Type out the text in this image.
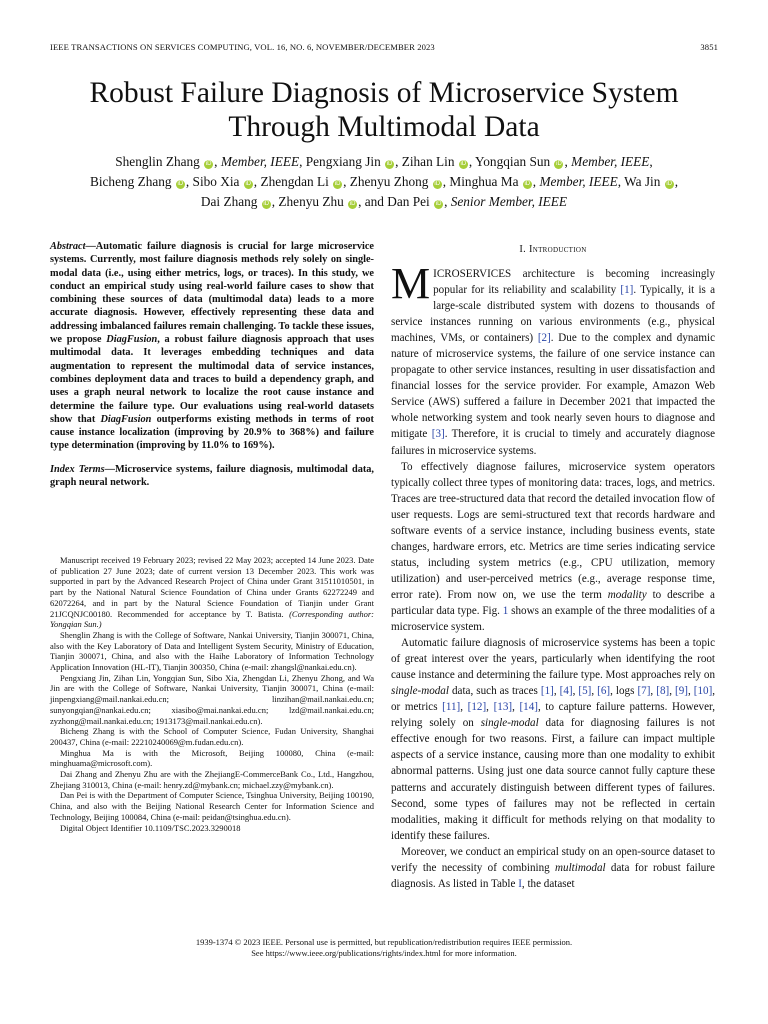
IEEE TRANSACTIONS ON SERVICES COMPUTING, VOL. 16, NO. 6, NOVEMBER/DECEMBER 2023	3851
Robust Failure Diagnosis of Microservice System
Through Multimodal Data
Shenglin Zhang iD , Member, IEEE, Pengxiang Jin iD , Zihan Lin iD , Yongqian Sun iD , Member, IEEE,
Bicheng Zhang iD , Sibo Xia iD , Zhengdan Li iD , Zhenyu Zhong iD , Minghua Ma iD , Member, IEEE, Wa Jin iD ,
Dai Zhang iD , Zhenyu Zhu iD , and Dan Pei iD , Senior Member, IEEE

Abstract—Automatic failure diagnosis is crucial for large microservice systems. Currently, most failure diagnosis methods rely solely on single-modal data (i.e., using either metrics, logs, or traces). In this study, we conduct an empirical study using real-world failure cases to show that combining these sources of data (multimodal data) leads to a more accurate diagnosis. However, effectively representing these data and addressing imbalanced failures remain challenging. To tackle these issues, we propose DiagFusion, a robust failure diagnosis approach that uses multimodal data. It leverages embedding techniques and data augmentation to represent the multimodal data of service instances, combines deployment data and traces to build a dependency graph, and uses a graph neural network to localize the root cause instance and determine the failure type. Our evaluations using real-world datasets show that DiagFusion outperforms existing methods in terms of root cause instance localization (improving by 20.9% to 368%) and failure type determination (improving by 11.0% to 169%).

Index Terms—Microservice systems, failure diagnosis, multimodal data, graph neural network.

Manuscript received 19 February 2023; revised 22 May 2023; accepted 14 June 2023. Date of publication 27 June 2023; date of current version 13 December 2023. This work was supported in part by the Advanced Research Project of China under Grant 31511010501, in part by the National Natural Science Foundation of China under Grants 62272249 and 62072264, and in part by the Natural Science Foundation of Tianjin under Grant 21JCQNJC00180. Recommended for acceptance by T. Batista. (Corresponding author: Yongqian Sun.)

Shenglin Zhang is with the College of Software, Nankai University, Tianjin 300071, China, also with the Key Laboratory of Data and Intelligent System Security, Ministry of Education, Tianjin 300071, China, and also with the Haihe Laboratory of Information Technology Application Innovation (HL-IT), Tianjin 300350, China (e-mail: zhangsl@nankai.edu.cn).

Pengxiang Jin, Zihan Lin, Yongqian Sun, Sibo Xia, Zhengdan Li, Zhenyu Zhong, and Wa Jin are with the College of Software, Nankai University, Tianjin 300071, China (e-mail: jinpengxiang@mail.nankai.edu.cn; linzihan@mail.nankai.edu.cn; sunyongqian@nankai.edu.cn; xiasibo@mai.nankai.edu.cn; lzd@mail.nankai.edu.cn; zyzhong@mail.nankai.edu.cn; 1913173@mail.nankai.edu.cn).

Bicheng Zhang is with the School of Computer Science, Fudan University, Shanghai 200437, China (e-mail: 22210240069@m.fudan.edu.cn).

Minghua Ma is with the Microsoft, Beijing 100080, China (e-mail: minghuama@microsoft.com).

Dai Zhang and Zhenyu Zhu are with the ZhejiangE-CommerceBank Co., Ltd., Hangzhou, Zhejiang 310013, China (e-mail: henry.zd@mybank.cn; michael.zzy@mybank.cn).

Dan Pei is with the Department of Computer Science, Tsinghua University, Beijing 100190, China, and also with the Beijing National Research Center for Information Science and Technology, Beijing 100084, China (e-mail: peidan@tsinghua.edu.cn).

Digital Object Identifier 10.1109/TSC.2023.3290018

I. Introduction

MICROSERVICES architecture is becoming increasingly popular for its reliability and scalability [1]. Typically, it is a large-scale distributed system with dozens to thousands of service instances running on various environments (e.g., physical machines, VMs, or containers) [2]. Due to the complex and dynamic nature of microservice systems, the failure of one service instance can propagate to other service instances, resulting in user dissatisfaction and financial losses for the service provider. For example, Amazon Web Service (AWS) suffered a failure in December 2021 that impacted the whole networking system and took nearly seven hours to diagnose and mitigate [3]. Therefore, it is crucial to timely and accurately diagnose failures in microservice systems.

To effectively diagnose failures, microservice system operators typically collect three types of monitoring data: traces, logs, and metrics. Traces are tree-structured data that record the detailed invocation flow of user requests. Logs are semi-structured text that records hardware and software events of a service instance, including business events, state changes, hardware errors, etc. Metrics are time series indicating service status, including system metrics (e.g., CPU utilization, memory utilization) and user-perceived metrics (e.g., average response time, error rate). From now on, we use the term modality to describe a particular data type. Fig. 1 shows an example of the three modalities of a microservice system.

Automatic failure diagnosis of microservice systems has been a topic of great interest over the years, particularly when identifying the root cause instance and determining the failure type. Most approaches rely on single-modal data, such as traces [1], [4], [5], [6], logs [7], [8], [9], [10], or metrics [11], [12], [13], [14], to capture failure patterns. However, relying solely on single-modal data for diagnosing failures is not effective enough for two reasons. First, a failure can impact multiple aspects of a service instance, causing more than one modality to exhibit abnormal patterns. Using just one data source cannot fully capture these patterns and accurately distinguish between different types of failures. Second, some types of failures may not be reflected in certain modalities, making it difficult for methods relying on that modality to identify these failures.

Moreover, we conduct an empirical study on an open-source dataset to verify the necessity of combining multimodal data for robust failure diagnosis. As listed in Table I, the dataset

1939-1374 © 2023 IEEE. Personal use is permitted, but republication/redistribution requires IEEE permission.
See https://www.ieee.org/publications/rights/index.html for more information.
